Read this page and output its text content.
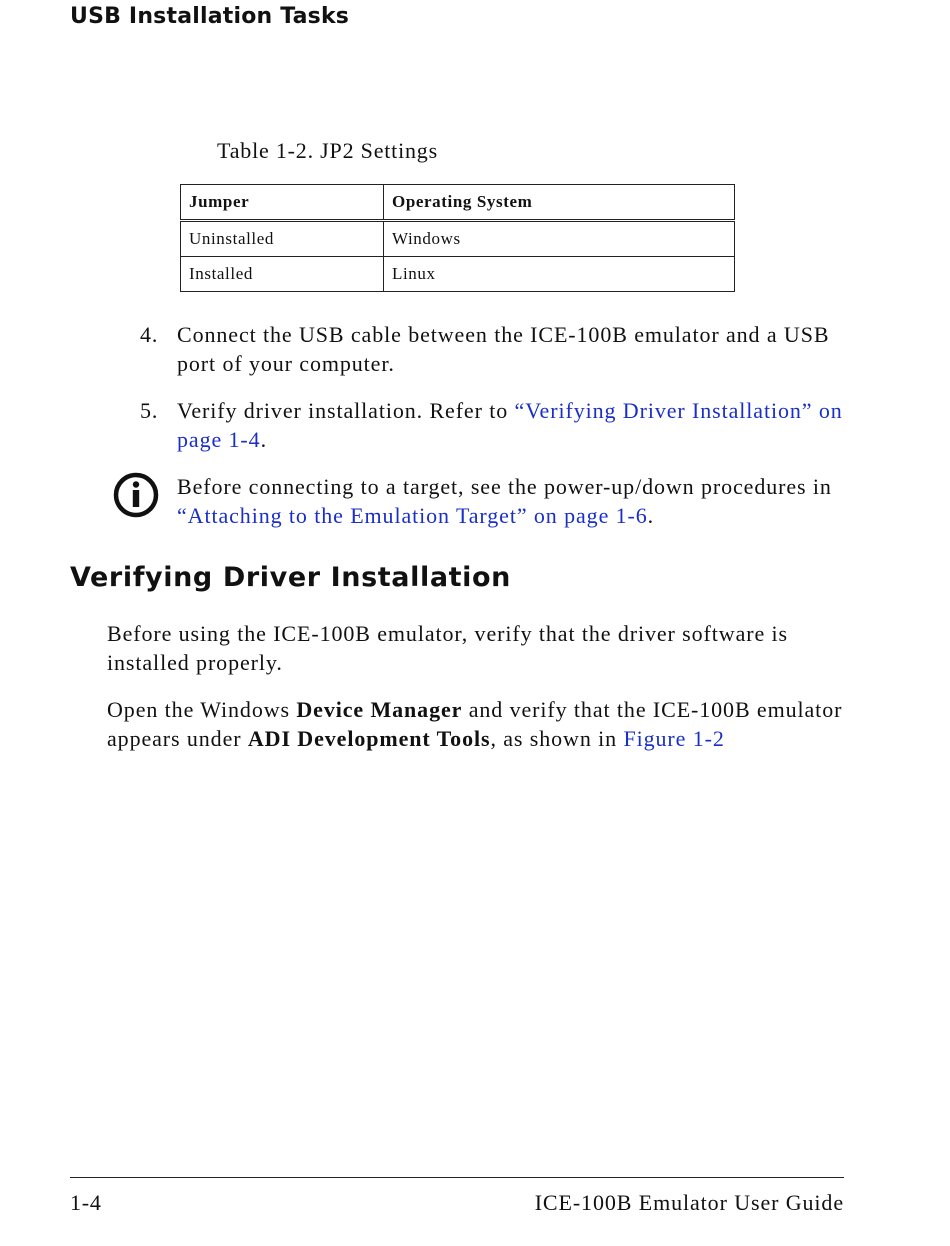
USB Installation Tasks
Table 1-2. JP2 Settings
Jumper	Operating System
Uninstalled	Windows
Installed	Linux
4. Connect the USB cable between the ICE-100B emulator and a USB port of your computer.
5. Verify driver installation. Refer to “Verifying Driver Installation” on page 1-4.
Before connecting to a target, see the power-up/down procedures in “Attaching to the Emulation Target” on page 1-6.
Verifying Driver Installation
Before using the ICE-100B emulator, verify that the driver software is installed properly.
Open the Windows Device Manager and verify that the ICE-100B emulator appears under ADI Development Tools, as shown in Figure 1-2
1-4	ICE-100B Emulator User Guide
